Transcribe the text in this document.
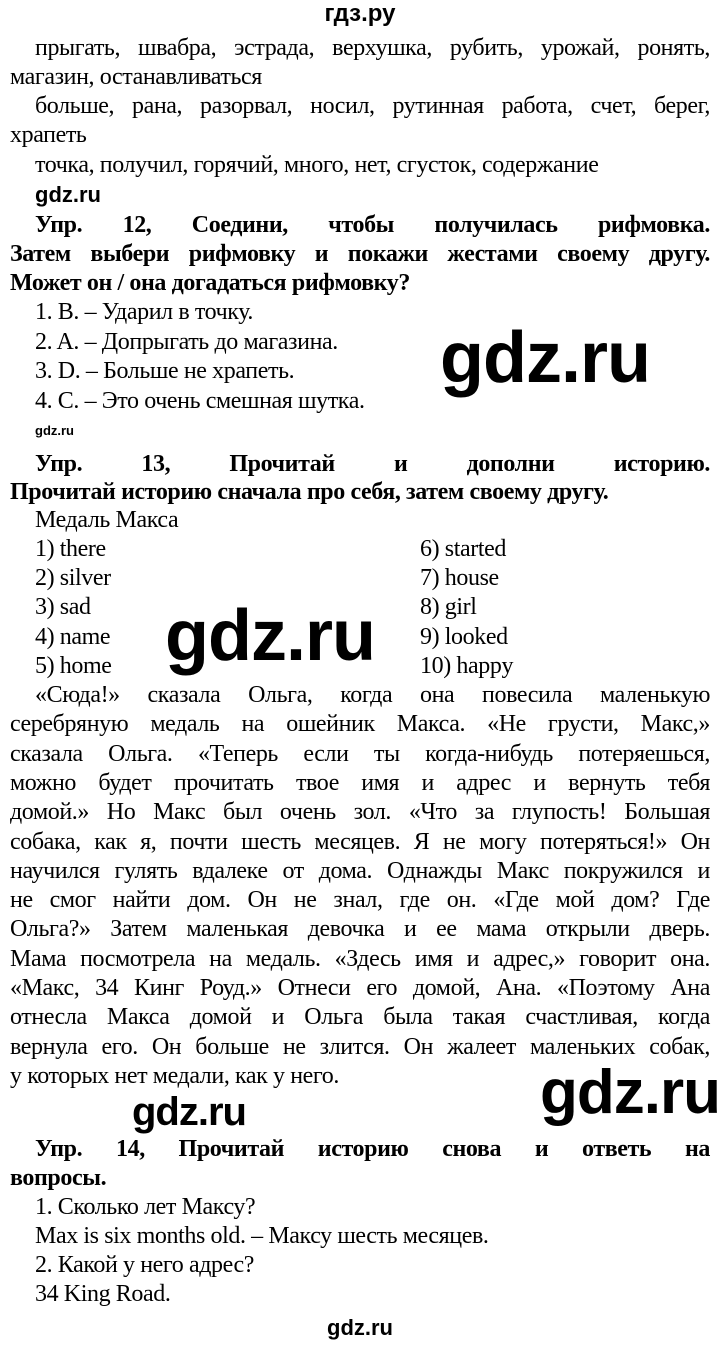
гдз.ру
прыгать, швабра, эстрада, верхушка, рубить, урожай, ронять,
магазин, останавливаться
больше, рана, разорвал, носил, рутинная работа, счет, берег,
храпеть
точка, получил, горячий, много, нет, сгусток, содержание
gdz.ru
Упр. 12, Соедини, чтобы получилась рифмовка.
Затем выбери рифмовку и покажи жестами своему другу.
Может он / она догадаться рифмовку?
1. B. – Ударил в точку.
2. A. – Допрыгать до магазина.
3. D. – Больше не храпеть.
4. C. – Это очень смешная шутка.
gdz.ru
gdz.ru
Упр. 13, Прочитай и дополни историю.
Прочитай историю сначала про себя, затем своему другу.
Медаль Макса
1) there	6) started
2) silver	7) house
3) sad	8) girl
4) name	9) looked
5) home	10) happy
gdz.ru
«Сюда!» сказала Ольга, когда она повесила маленькую
серебряную медаль на ошейник Макса. «Не грусти, Макс,»
сказала Ольга. «Теперь если ты когда-нибудь потеряешься,
можно будет прочитать твое имя и адрес и вернуть тебя
домой.» Но Макс был очень зол. «Что за глупость! Большая
собака, как я, почти шесть месяцев. Я не могу потеряться!» Он
научился гулять вдалеке от дома. Однажды Макс покружился и
не смог найти дом. Он не знал, где он. «Где мой дом? Где
Ольга?» Затем маленькая девочка и ее мама открыли дверь.
Мама посмотрела на медаль. «Здесь имя и адрес,» говорит она.
«Макс, 34 Кинг Роуд.» Отнеси его домой, Ана. «Поэтому Ана
отнесла Макса домой и Ольга была такая счастливая, когда
вернула его. Он больше не злится. Он жалеет маленьких собак,
у которых нет медали, как у него.	gdz.ru
gdz.ru
Упр. 14, Прочитай историю снова и ответь на
вопросы.
1. Сколько лет Максу?
Max is six months old. – Максу шесть месяцев.
2. Какой у него адрес?
34 King Road.
gdz.ru
